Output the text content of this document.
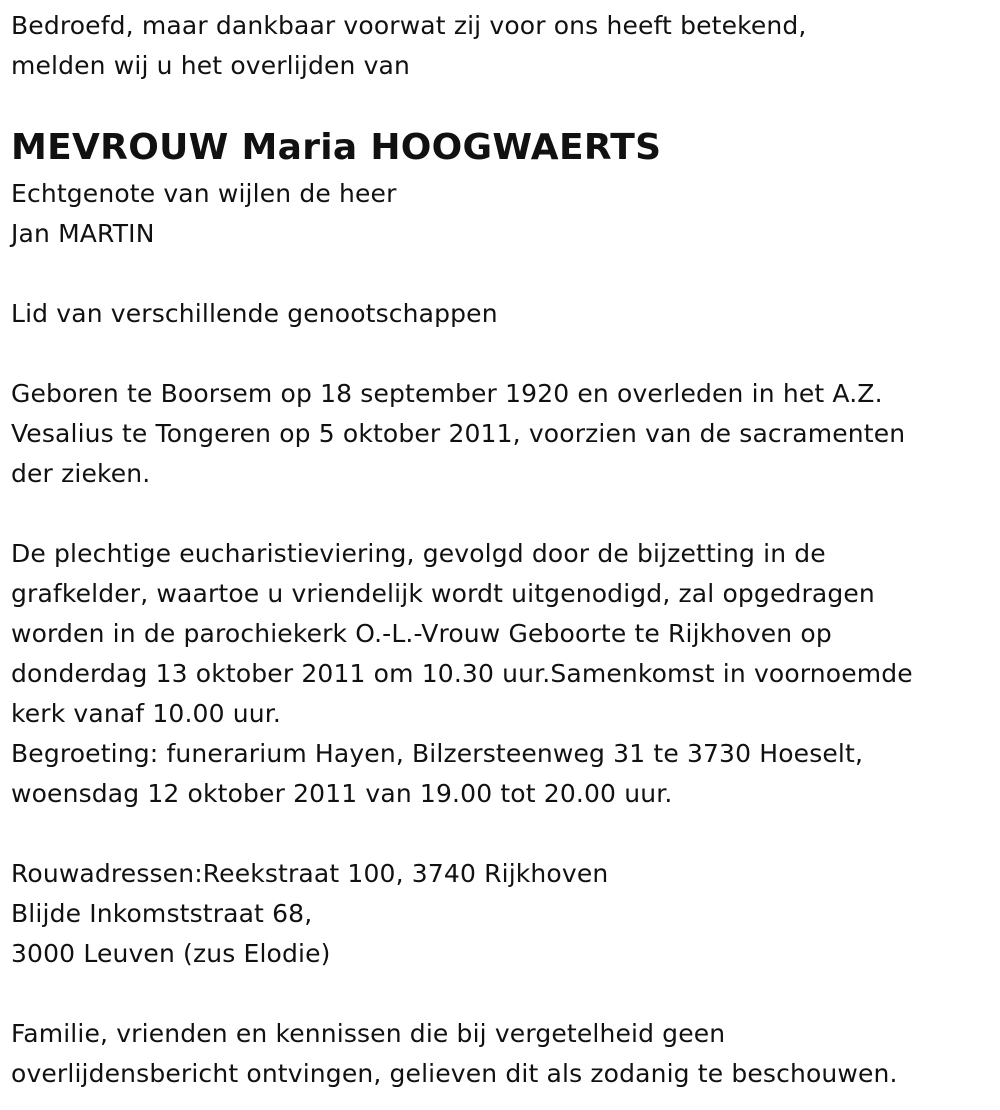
Bedroefd, maar dankbaar voorwat zij voor ons heeft betekend,
melden wij u het overlijden van
MEVROUW Maria HOOGWAERTS
Echtgenote van wijlen de heer
Jan MARTIN
Lid van verschillende genootschappen
Geboren te Boorsem op 18 september 1920 en overleden in het A.Z.
Vesalius te Tongeren op 5 oktober 2011, voorzien van de sacramenten
der zieken.
De plechtige eucharistieviering, gevolgd door de bijzetting in de
grafkelder, waartoe u vriendelijk wordt uitgenodigd, zal opgedragen
worden in de parochiekerk O.-L.-Vrouw Geboorte te Rijkhoven op
donderdag 13 oktober 2011 om 10.30 uur.Samenkomst in voornoemde
kerk vanaf 10.00 uur.
Begroeting: funerarium Hayen, Bilzersteenweg 31 te 3730 Hoeselt,
woensdag 12 oktober 2011 van 19.00 tot 20.00 uur.
Rouwadressen:Reekstraat 100, 3740 Rijkhoven
Blijde Inkomststraat 68,
3000 Leuven (zus Elodie)
Familie, vrienden en kennissen die bij vergetelheid geen
overlijdensbericht ontvingen, gelieven dit als zodanig te beschouwen.
